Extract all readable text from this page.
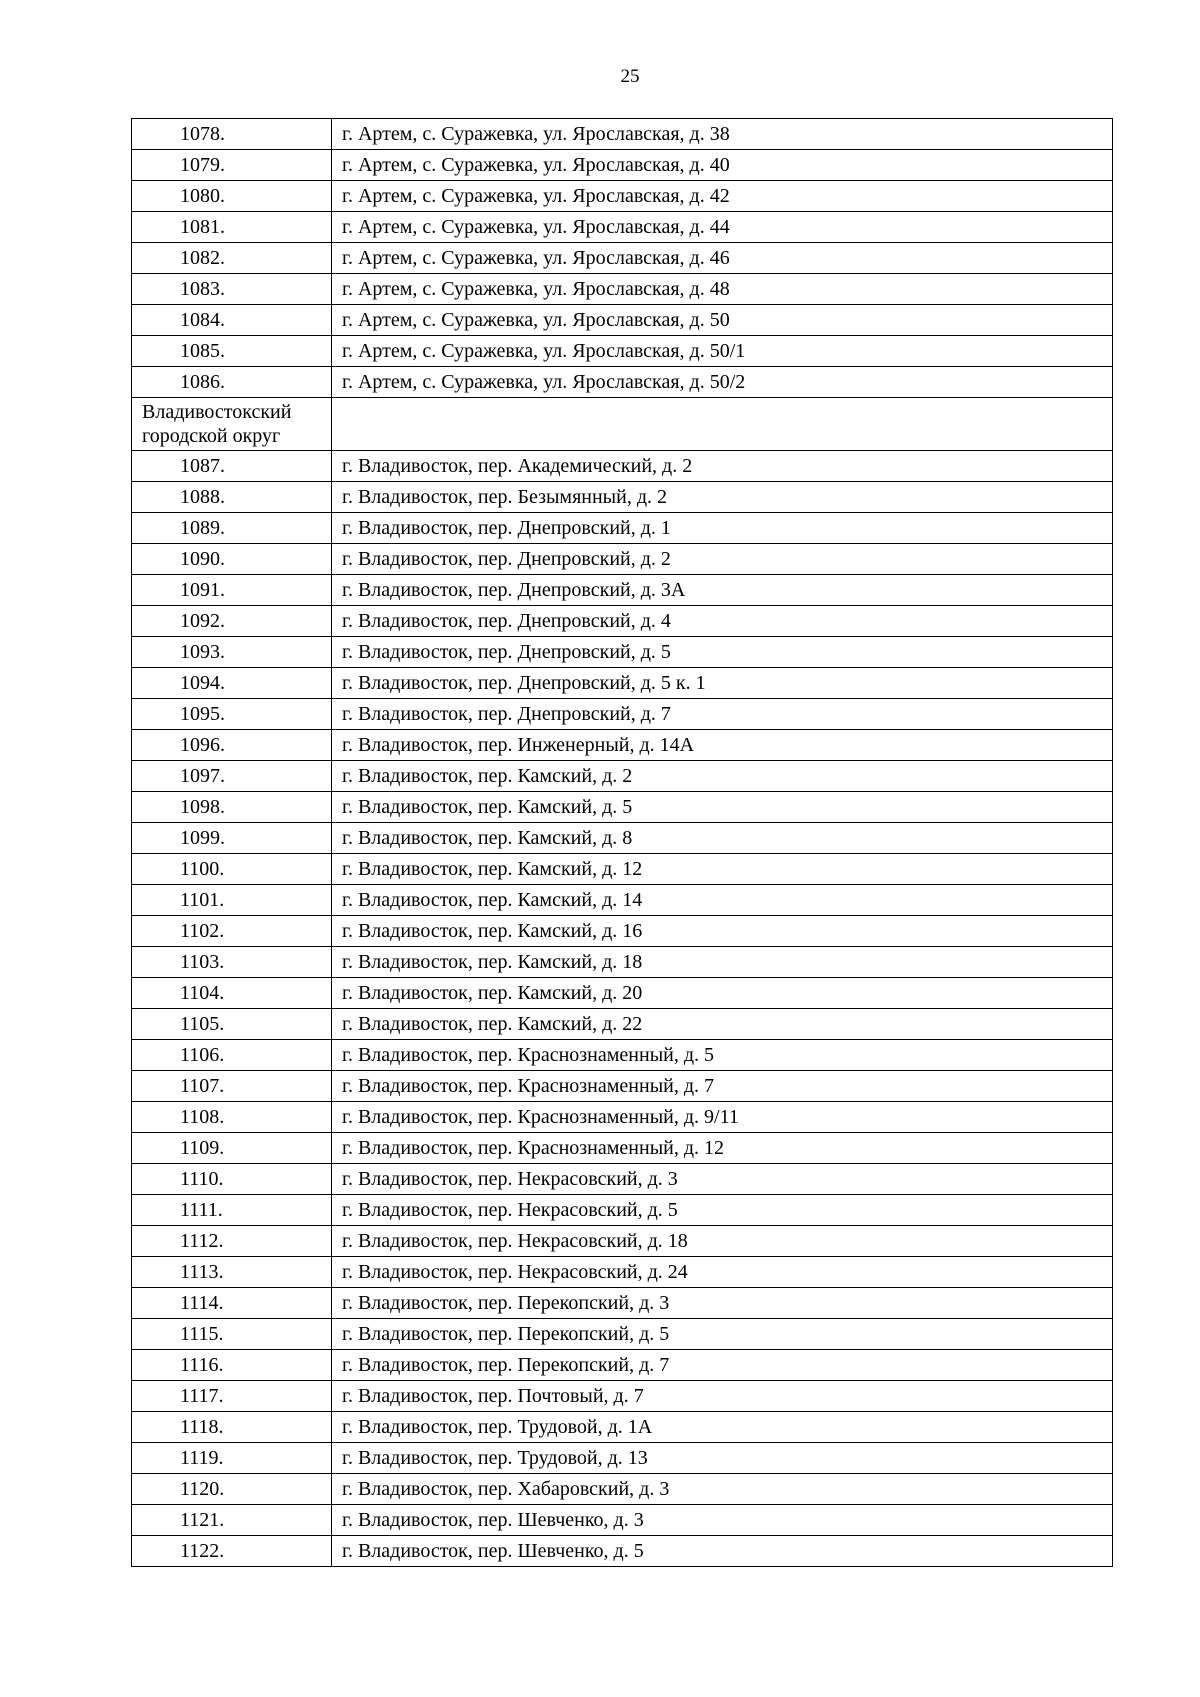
25
1078.	г. Артем, с. Суражевка, ул. Ярославская, д. 38
1079.	г. Артем, с. Суражевка, ул. Ярославская, д. 40
1080.	г. Артем, с. Суражевка, ул. Ярославская, д. 42
1081.	г. Артем, с. Суражевка, ул. Ярославская, д. 44
1082.	г. Артем, с. Суражевка, ул. Ярославская, д. 46
1083.	г. Артем, с. Суражевка, ул. Ярославская, д. 48
1084.	г. Артем, с. Суражевка, ул. Ярославская, д. 50
1085.	г. Артем, с. Суражевка, ул. Ярославская, д. 50/1
1086.	г. Артем, с. Суражевка, ул. Ярославская, д. 50/2
Владивостокский городской округ	
1087.	г. Владивосток, пер. Академический, д. 2
1088.	г. Владивосток, пер. Безымянный, д. 2
1089.	г. Владивосток, пер. Днепровский, д. 1
1090.	г. Владивосток, пер. Днепровский, д. 2
1091.	г. Владивосток, пер. Днепровский, д. 3А
1092.	г. Владивосток, пер. Днепровский, д. 4
1093.	г. Владивосток, пер. Днепровский, д. 5
1094.	г. Владивосток, пер. Днепровский, д. 5 к. 1
1095.	г. Владивосток, пер. Днепровский, д. 7
1096.	г. Владивосток, пер. Инженерный, д. 14А
1097.	г. Владивосток, пер. Камский, д. 2
1098.	г. Владивосток, пер. Камский, д. 5
1099.	г. Владивосток, пер. Камский, д. 8
1100.	г. Владивосток, пер. Камский, д. 12
1101.	г. Владивосток, пер. Камский, д. 14
1102.	г. Владивосток, пер. Камский, д. 16
1103.	г. Владивосток, пер. Камский, д. 18
1104.	г. Владивосток, пер. Камский, д. 20
1105.	г. Владивосток, пер. Камский, д. 22
1106.	г. Владивосток, пер. Краснознаменный, д. 5
1107.	г. Владивосток, пер. Краснознаменный, д. 7
1108.	г. Владивосток, пер. Краснознаменный, д. 9/11
1109.	г. Владивосток, пер. Краснознаменный, д. 12
1110.	г. Владивосток, пер. Некрасовский, д. 3
1111.	г. Владивосток, пер. Некрасовский, д. 5
1112.	г. Владивосток, пер. Некрасовский, д. 18
1113.	г. Владивосток, пер. Некрасовский, д. 24
1114.	г. Владивосток, пер. Перекопский, д. 3
1115.	г. Владивосток, пер. Перекопский, д. 5
1116.	г. Владивосток, пер. Перекопский, д. 7
1117.	г. Владивосток, пер. Почтовый, д. 7
1118.	г. Владивосток, пер. Трудовой, д. 1А
1119.	г. Владивосток, пер. Трудовой, д. 13
1120.	г. Владивосток, пер. Хабаровский, д. 3
1121.	г. Владивосток, пер. Шевченко, д. 3
1122.	г. Владивосток, пер. Шевченко, д. 5
